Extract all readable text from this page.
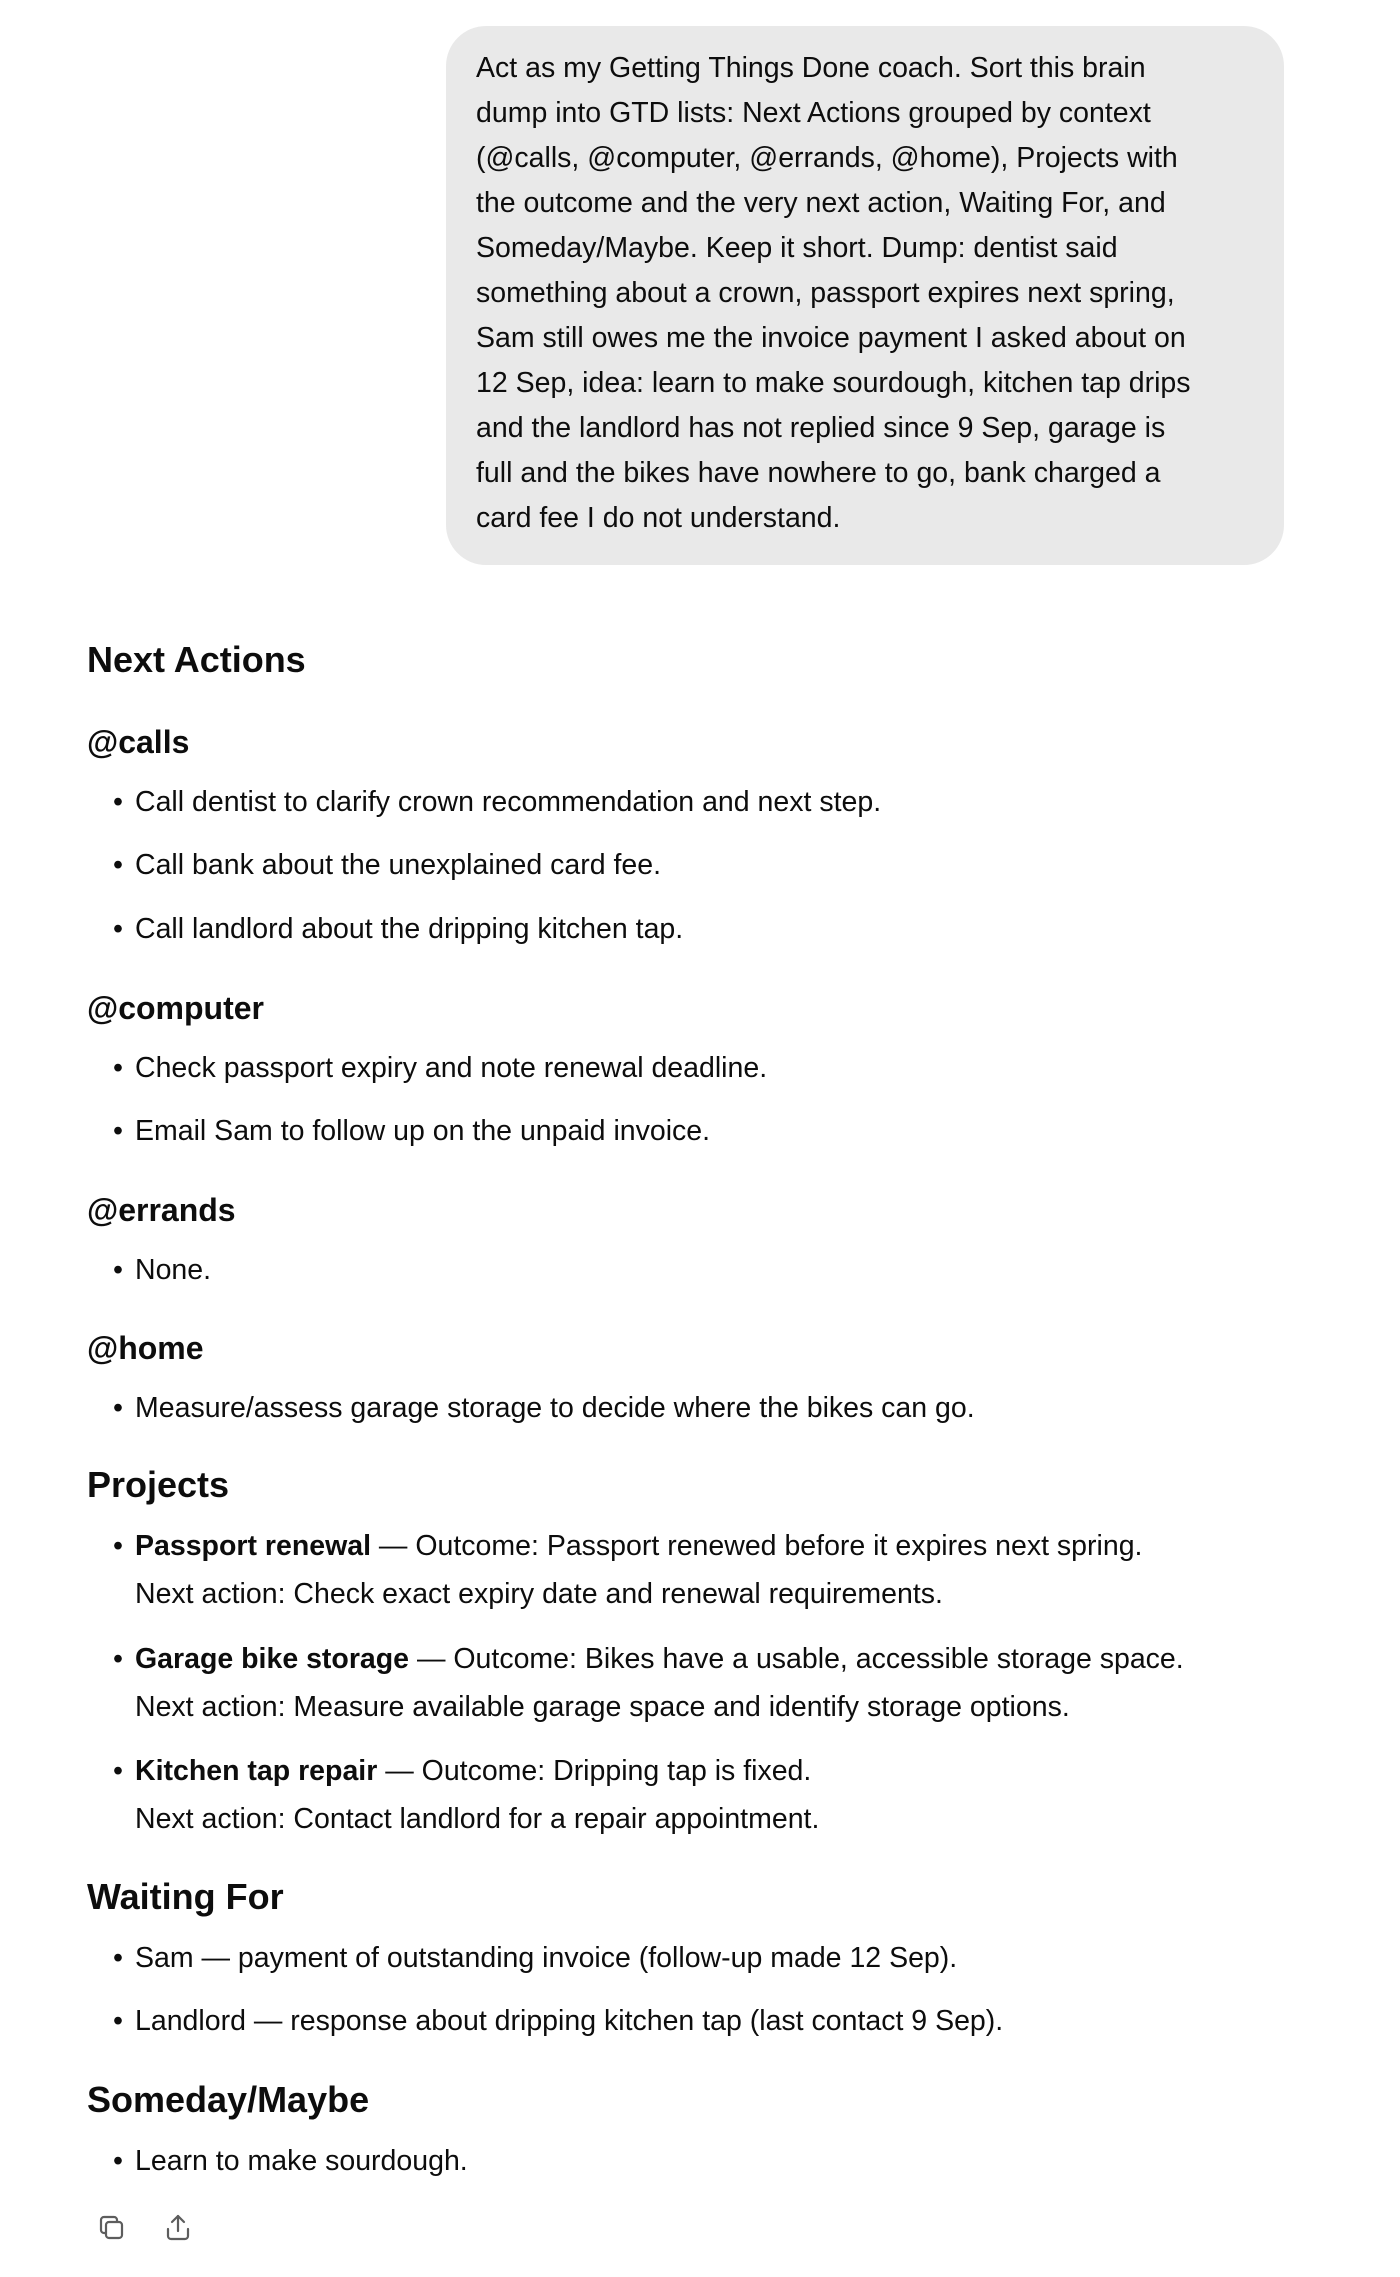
Act as my Getting Things Done coach. Sort this brain
dump into GTD lists: Next Actions grouped by context
(@calls, @computer, @errands, @home), Projects with
the outcome and the very next action, Waiting For, and
Someday/Maybe. Keep it short. Dump: dentist said
something about a crown, passport expires next spring,
Sam still owes me the invoice payment I asked about on
12 Sep, idea: learn to make sourdough, kitchen tap drips
and the landlord has not replied since 9 Sep, garage is
full and the bikes have nowhere to go, bank charged a
card fee I do not understand.
Next Actions
@calls
• Call dentist to clarify crown recommendation and next step.
• Call bank about the unexplained card fee.
• Call landlord about the dripping kitchen tap.
@computer
• Check passport expiry and note renewal deadline.
• Email Sam to follow up on the unpaid invoice.
@errands
• None.
@home
• Measure/assess garage storage to decide where the bikes can go.
Projects
• Passport renewal — Outcome: Passport renewed before it expires next spring.
Next action: Check exact expiry date and renewal requirements.
• Garage bike storage — Outcome: Bikes have a usable, accessible storage space.
Next action: Measure available garage space and identify storage options.
• Kitchen tap repair — Outcome: Dripping tap is fixed.
Next action: Contact landlord for a repair appointment.
Waiting For
• Sam — payment of outstanding invoice (follow-up made 12 Sep).
• Landlord — response about dripping kitchen tap (last contact 9 Sep).
Someday/Maybe
• Learn to make sourdough.
